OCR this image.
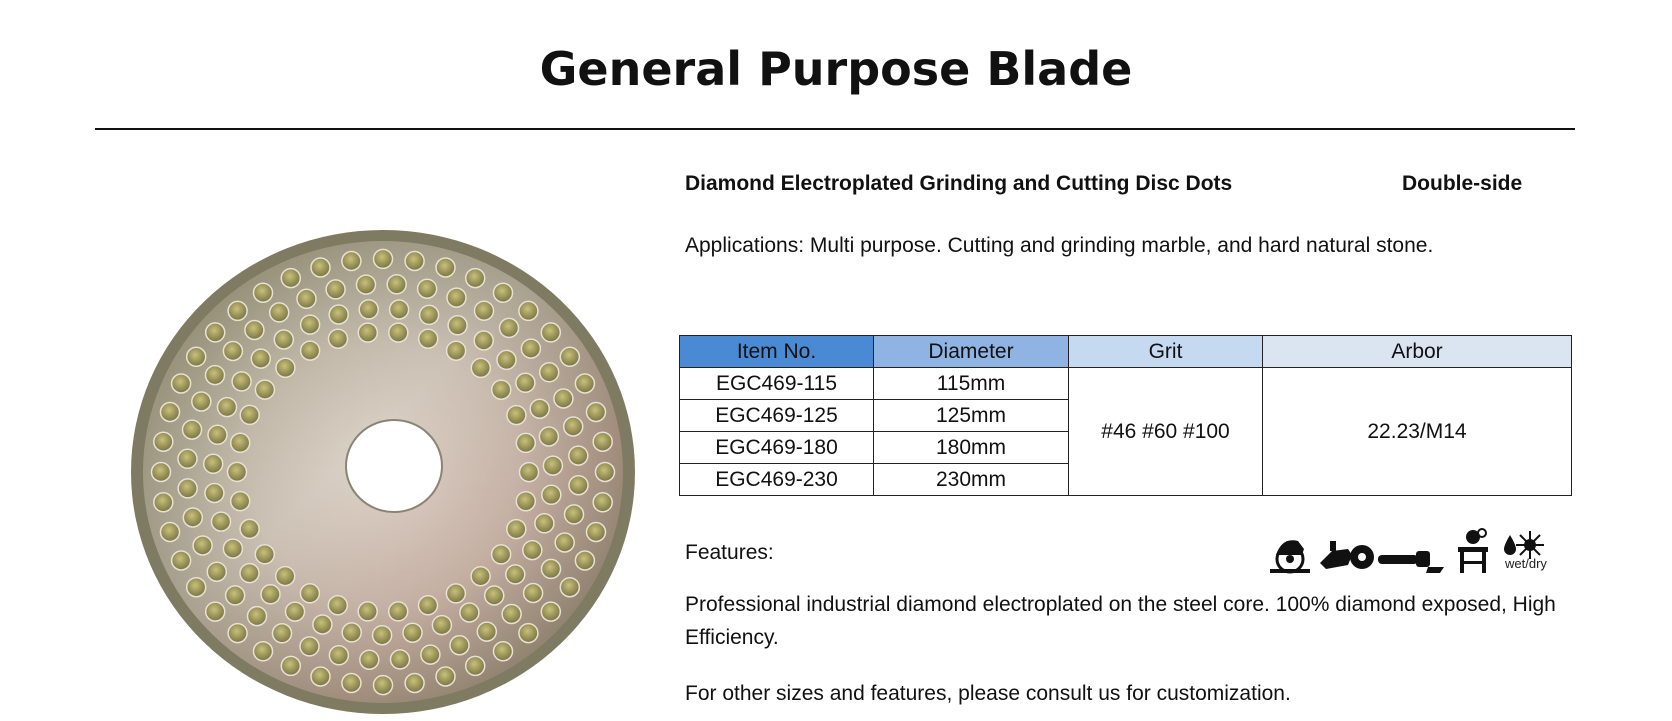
General Purpose Blade
Diamond Electroplated Grinding and Cutting Disc Dots	Double-side
Applications: Multi purpose. Cutting and grinding marble, and hard natural stone.
Item No.	Diameter	Grit	Arbor
EGC469-115	115mm	#46 #60 #100	22.23/M14
EGC469-125	125mm		
EGC469-180	180mm		
EGC469-230	230mm		
Features:	wet/dry
Professional industrial diamond electroplated on the steel core. 100% diamond exposed, High Efficiency.
For other sizes and features, please consult us for customization.
